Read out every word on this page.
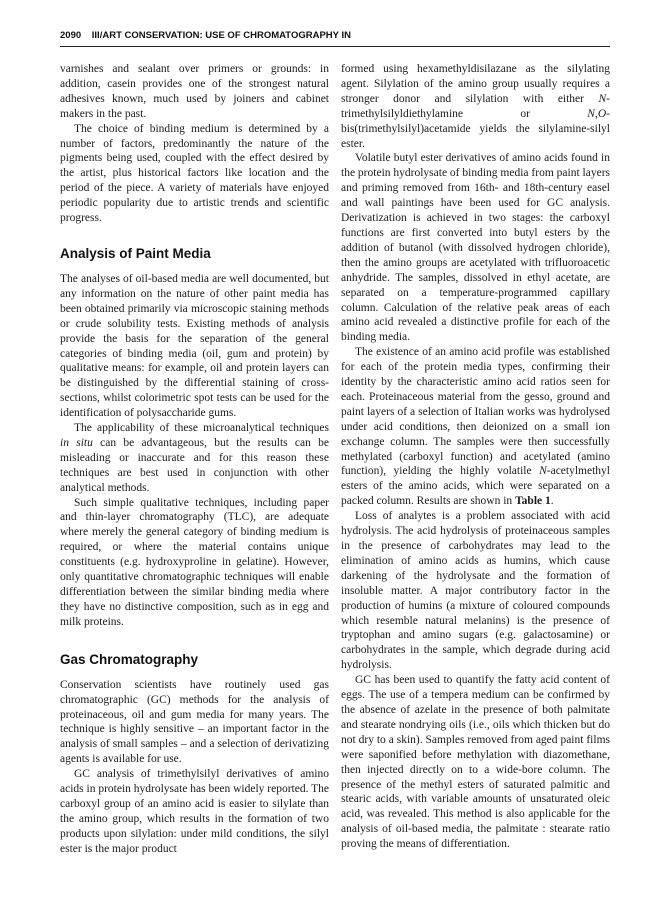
2090 III/ART CONSERVATION: USE OF CHROMATOGRAPHY IN

varnishes and sealant over primers or grounds: in addition, casein provides one of the strongest natural adhesives known, much used by joiners and cabinet makers in the past.

The choice of binding medium is determined by a number of factors, predominantly the nature of the pigments being used, coupled with the effect desired by the artist, plus historical factors like location and the period of the piece. A variety of materials have enjoyed periodic popularity due to artistic trends and scientific progress.

Analysis of Paint Media

The analyses of oil-based media are well documented, but any information on the nature of other paint media has been obtained primarily via microscopic staining methods or crude solubility tests. Existing methods of analysis provide the basis for the separation of the general categories of binding media (oil, gum and protein) by qualitative means: for example, oil and protein layers can be distinguished by the differential staining of cross-sections, whilst colorimetric spot tests can be used for the identification of polysaccharide gums.

The applicability of these microanalytical techniques in situ can be advantageous, but the results can be misleading or inaccurate and for this reason these techniques are best used in conjunction with other analytical methods.

Such simple qualitative techniques, including paper and thin-layer chromatography (TLC), are adequate where merely the general category of binding medium is required, or where the material contains unique constituents (e.g. hydroxyproline in gelatine). However, only quantitative chromatographic techniques will enable differentiation between the similar binding media where they have no distinctive composition, such as in egg and milk proteins.

Gas Chromatography

Conservation scientists have routinely used gas chromatographic (GC) methods for the analysis of proteinaceous, oil and gum media for many years. The technique is highly sensitive – an important factor in the analysis of small samples – and a selection of derivatizing agents is available for use.

GC analysis of trimethylsilyl derivatives of amino acids in protein hydrolysate has been widely reported. The carboxyl group of an amino acid is easier to silylate than the amino group, which results in the formation of two products upon silylation: under mild conditions, the silyl ester is the major product

formed using hexamethyldisilazane as the silylating agent. Silylation of the amino group usually requires a stronger donor and silylation with either N-trimethylsilyldiethylamine or N,O-bis(trimethylsilyl)acetamide yields the silylamine-silyl ester.

Volatile butyl ester derivatives of amino acids found in the protein hydrolysate of binding media from paint layers and priming removed from 16th- and 18th-century easel and wall paintings have been used for GC analysis. Derivatization is achieved in two stages: the carboxyl functions are first converted into butyl esters by the addition of butanol (with dissolved hydrogen chloride), then the amino groups are acetylated with trifluoroacetic anhydride. The samples, dissolved in ethyl acetate, are separated on a temperature-programmed capillary column. Calculation of the relative peak areas of each amino acid revealed a distinctive profile for each of the binding media.

The existence of an amino acid profile was established for each of the protein media types, confirming their identity by the characteristic amino acid ratios seen for each. Proteinaceous material from the gesso, ground and paint layers of a selection of Italian works was hydrolysed under acid conditions, then deionized on a small ion exchange column. The samples were then successfully methylated (carboxyl function) and acetylated (amino function), yielding the highly volatile N-acetylmethyl esters of the amino acids, which were separated on a packed column. Results are shown in Table 1.

Loss of analytes is a problem associated with acid hydrolysis. The acid hydrolysis of proteinaceous samples in the presence of carbohydrates may lead to the elimination of amino acids as humins, which cause darkening of the hydrolysate and the formation of insoluble matter. A major contributory factor in the production of humins (a mixture of coloured compounds which resemble natural melanins) is the presence of tryptophan and amino sugars (e.g. galactosamine) or carbohydrates in the sample, which degrade during acid hydrolysis.

GC has been used to quantify the fatty acid content of eggs. The use of a tempera medium can be confirmed by the absence of azelate in the presence of both palmitate and stearate nondrying oils (i.e., oils which thicken but do not dry to a skin). Samples removed from aged paint films were saponified before methylation with diazomethane, then injected directly on to a wide-bore column. The presence of the methyl esters of saturated palmitic and stearic acids, with variable amounts of unsaturated oleic acid, was revealed. This method is also applicable for the analysis of oil-based media, the palmitate : stearate ratio proving the means of differentiation.
